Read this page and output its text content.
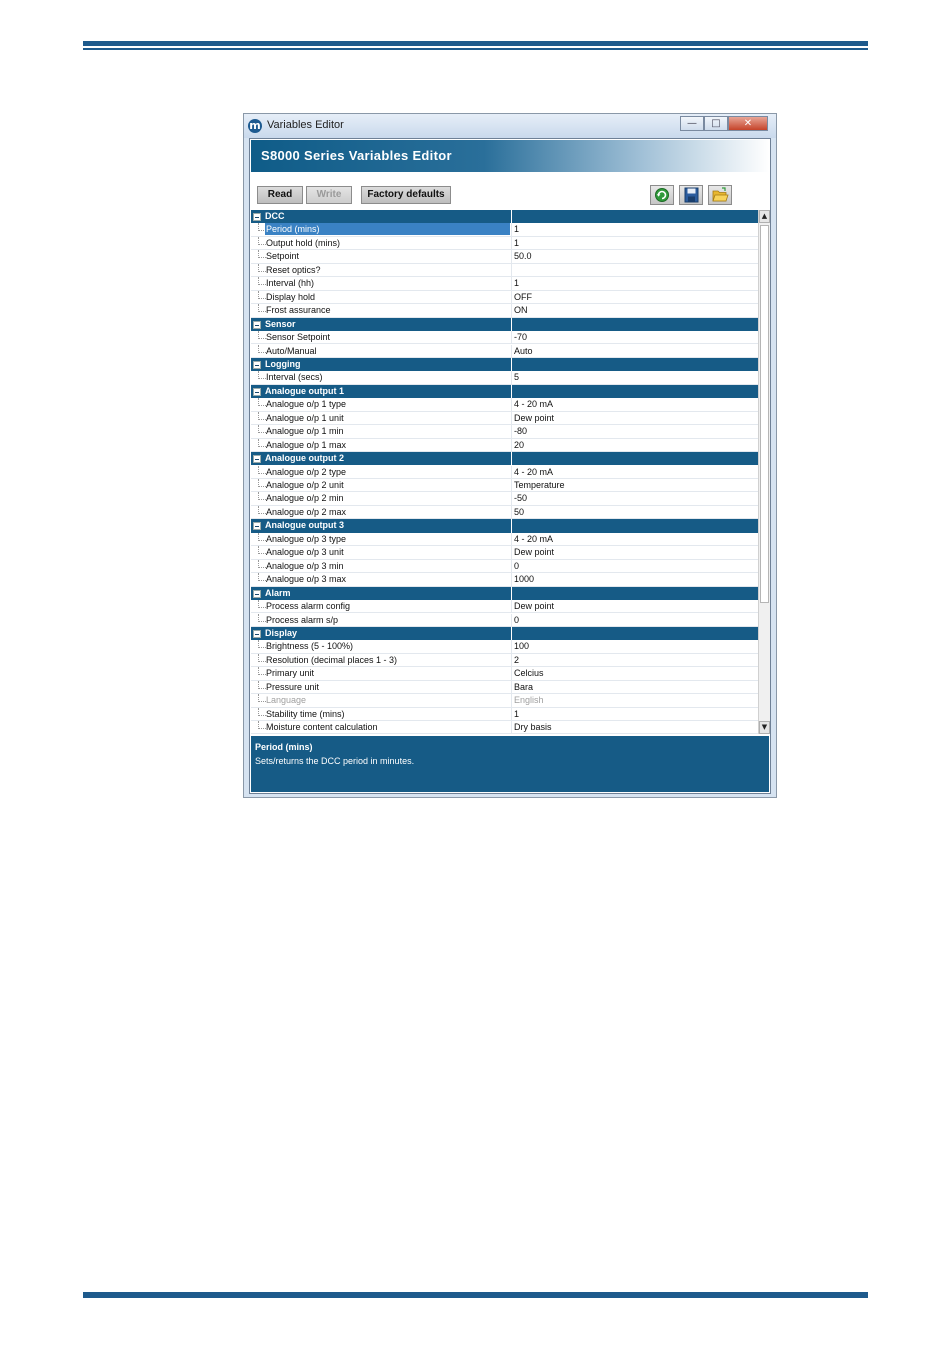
m Variables Editor	—	□	✕
S8000 Series Variables Editor
Read	Write	Factory defaults
DCC
Period (mins)	1
Output hold (mins)	1
Setpoint	50.0
Reset optics?
Interval (hh)	1
Display hold	OFF
Frost assurance	ON
Sensor
Sensor Setpoint	-70
Auto/Manual	Auto
Logging
Interval (secs)	5
Analogue output 1
Analogue o/p 1 type	4 - 20 mA
Analogue o/p 1 unit	Dew point
Analogue o/p 1 min	-80
Analogue o/p 1 max	20
Analogue output 2
Analogue o/p 2 type	4 - 20 mA
Analogue o/p 2 unit	Temperature
Analogue o/p 2 min	-50
Analogue o/p 2 max	50
Analogue output 3
Analogue o/p 3 type	4 - 20 mA
Analogue o/p 3 unit	Dew point
Analogue o/p 3 min	0
Analogue o/p 3 max	1000
Alarm
Process alarm config	Dew point
Process alarm s/p	0
Display
Brightness (5 - 100%)	100
Resolution (decimal places 1 - 3)	2
Primary unit	Celcius
Pressure unit	Bara
Language	English
Stability time (mins)	1
Moisture content calculation	Dry basis
▲
▼
Period (mins)
Sets/returns the DCC period in minutes.
